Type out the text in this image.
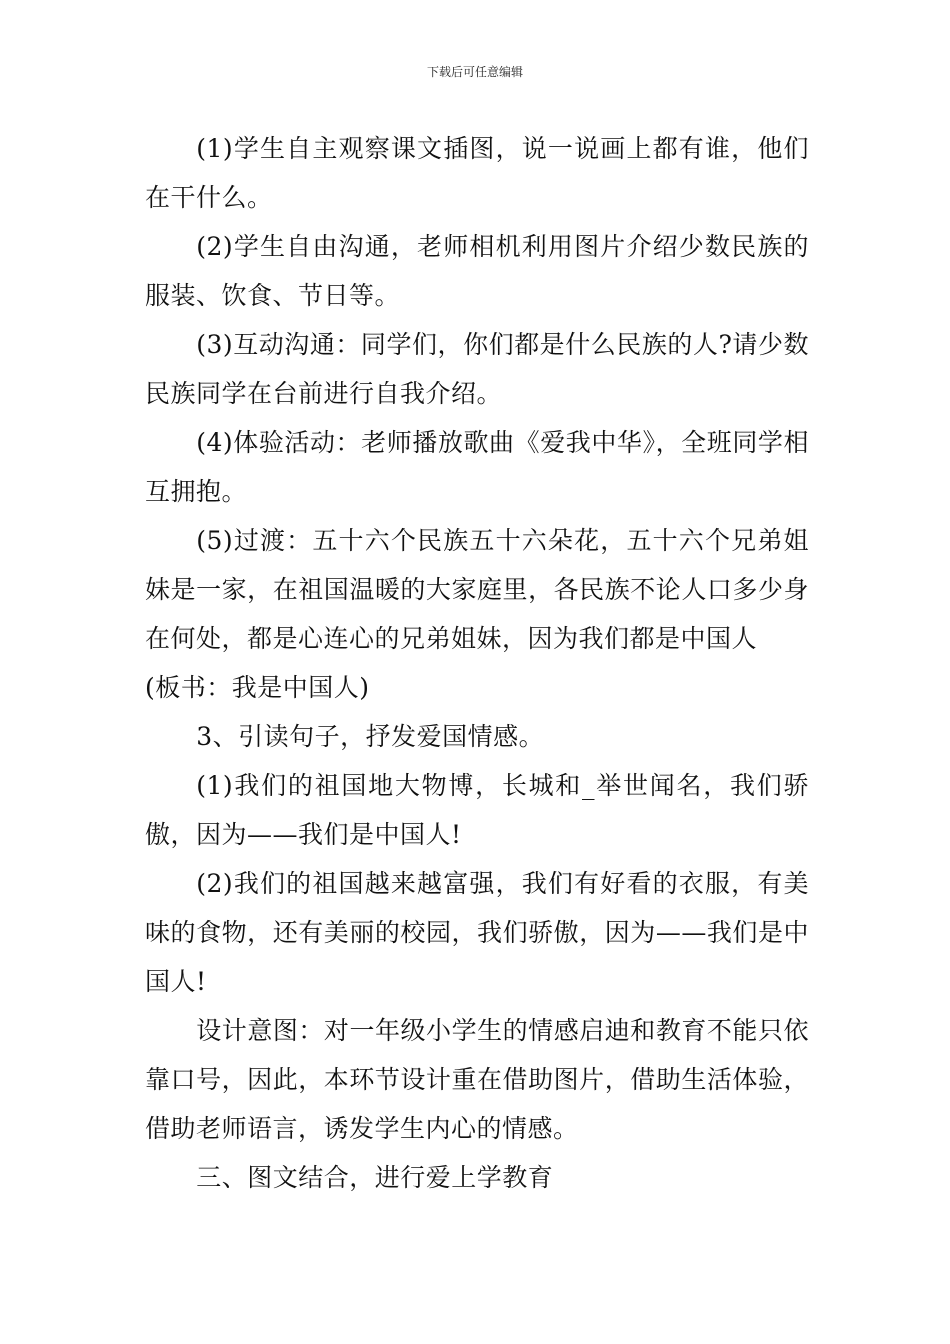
下载后可任意编辑

(1)学生自主观察课文插图，说一说画上都有谁，他们在干什么。

(2)学生自由沟通，老师相机利用图片介绍少数民族的服装、饮食、节日等。

(3)互动沟通：同学们，你们都是什么民族的人?请少数民族同学在台前进行自我介绍。

(4)体验活动：老师播放歌曲《爱我中华》，全班同学相互拥抱。

(5)过渡：五十六个民族五十六朵花，五十六个兄弟姐妹是一家，在祖国温暖的大家庭里，各民族不论人口多少身在何处，都是心连心的兄弟姐妹，因为我们都是中国人

(板书：我是中国人)

3、引读句子，抒发爱国情感。

(1)我们的祖国地大物博，长城和_举世闻名，我们骄傲，因为——我们是中国人!

(2)我们的祖国越来越富强，我们有好看的衣服，有美味的食物，还有美丽的校园，我们骄傲，因为——我们是中国人!

设计意图：对一年级小学生的情感启迪和教育不能只依靠口号，因此，本环节设计重在借助图片，借助生活体验，借助老师语言，诱发学生内心的情感。

三、图文结合，进行爱上学教育
